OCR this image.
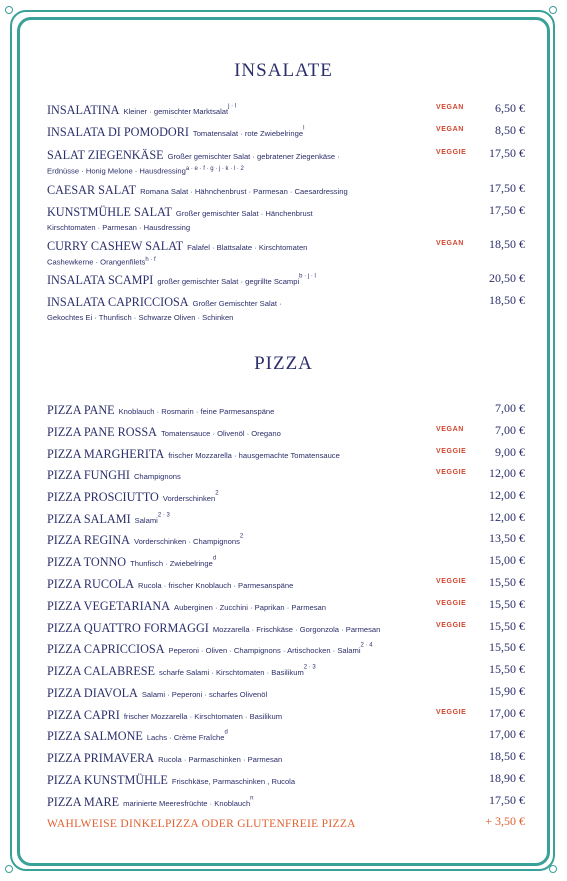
INSALATE
PIZZA
INSALATINA Kleiner · gemischter Marktsalat$^{j \cdot l}$	VEGAN	6,50 €
INSALATA DI POMODORI Tomatensalat · rote Zwiebelringe$^l$	VEGAN	8,50 €
SALAT ZIEGENKÄSE Großer gemischter Salat · gebratener Ziegenkäse ·
Erdnüsse · Honig Melone · Hausdressing$^{a \cdot e \cdot f \cdot g \cdot j \cdot k \cdot l \cdot 2}$
VEGGIE 17,50 €
CAESAR SALAT Romana Salat · Hähnchenbrust · Parmesan · Caesardressing	17,50 €
KUNSTMÜHLE SALAT Großer gemischter Salat · Hänchenbrust
Kirschtomaten · Parmesan · Hausdressing
17,50 €
CURRY CASHEW SALAT Falafel · Blattsalate · Kirschtomaten
Cashewkerne · Orangenfilets$^{h \cdot f}$
VEGAN 18,50 €
INSALATA SCAMPI großer gemischter Salat · gegrillte Scampi$^{b \cdot j \cdot l}$	20,50 €
INSALATA CAPRICCIOSA Großer Gemischter Salat ·
Gekochtes Ei · Thunfisch · Schwarze Oliven · Schinken
18,50 €
PIZZA PANE Knoblauch · Rosmarin · feine Parmesanspäne	7,00 €
PIZZA PANE ROSSA Tomatensauce · Olivenöl · Oregano	VEGAN	7,00 €
PIZZA MARGHERITA frischer Mozzarella · hausgemachte Tomatensauce	VEGGIE 9,00 €
PIZZA FUNGHI Champignons	VEGGIE 12,00 €
PIZZA PROSCIUTTO Vorderschinken$^2$	12,00 €
PIZZA SALAMI Salami$^{2 \cdot 3}$	12,00 €
PIZZA REGINA Vorderschinken · Champignons$^2$	13,50 €
PIZZA TONNO Thunfisch · Zwiebelringe$^d$	15,00 €
PIZZA RUCOLA Rucola · frischer Knoblauch · Parmesanspäne	VEGGIE 15,50 €
PIZZA VEGETARIANA Auberginen · Zucchini · Paprikan · Parmesan	VEGGIE 15,50 €
PIZZA QUATTRO FORMAGGI Mozzarella · Frischkäse · Gorgonzola · Parmesan	VEGGIE 15,50 €
PIZZA CAPRICCIOSA Peperoni · Oliven · Champignons · Artischocken · Salami$^{2 \cdot 4}$	15,50 €
PIZZA CALABRESE scharfe Salami · Kirschtomaten · Basilikum$^{2 \cdot 3}$	15,50 €
PIZZA DIAVOLA Salami · Peperoni · scharfes Olivenöl	15,90 €
PIZZA CAPRI frischer Mozzarella · Kirschtomaten · Basilikum	VEGGIE 17,00 €
PIZZA SALMONE Lachs · Crème Fraîche$^d$	17,00 €
PIZZA PRIMAVERA Rucola · Parmaschinken · Parmesan	18,50 €
PIZZA KUNSTMÜHLE Frischkäse, Parmaschinken , Rucola	18,90 €
PIZZA MARE marinierte Meeresfrüchte · Knoblauch$^n$	17,50 €
WAHLWEISE DINKELPIZZA ODER GLUTENFREIE PIZZA	+ 3,50 €
